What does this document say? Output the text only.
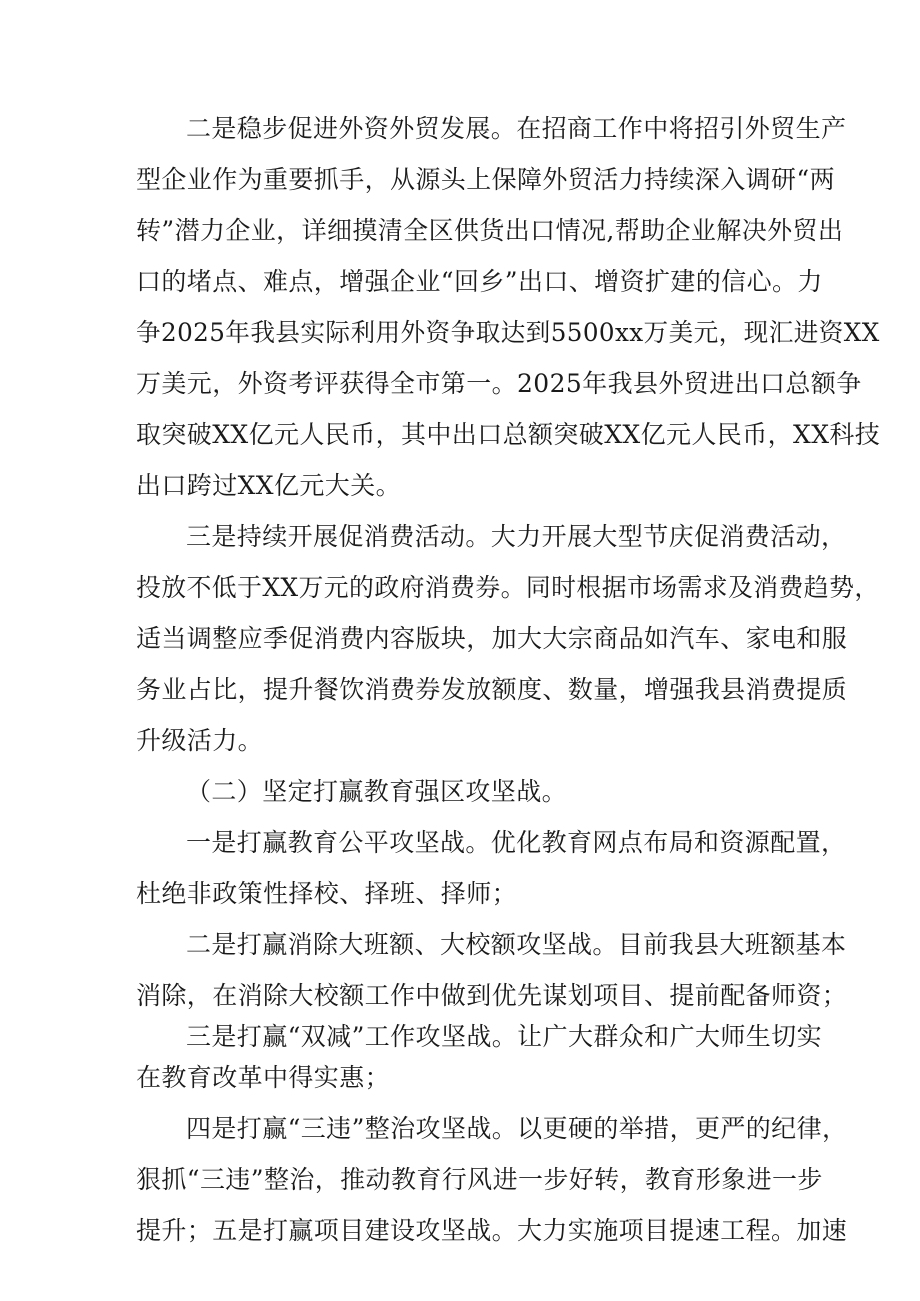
二是稳步促进外资外贸发展。在招商工作中将招引外贸生产
型企业作为重要抓手，从源头上保障外贸活力持续深入调研“两
转”潜力企业，详细摸清全区供货出口情况,帮助企业解决外贸出
口的堵点、难点，增强企业“回乡”出口、增资扩建的信心。力
争2025年我县实际利用外资争取达到5500xx万美元，现汇进资XX
万美元，外资考评获得全市第一。2025年我县外贸进出口总额争
取突破XX亿元人民币，其中出口总额突破XX亿元人民币，XX科技
出口跨过XX亿元大关。
三是持续开展促消费活动。大力开展大型节庆促消费活动，
投放不低于XX万元的政府消费券。同时根据市场需求及消费趋势，
适当调整应季促消费内容版块，加大大宗商品如汽车、家电和服
务业占比，提升餐饮消费券发放额度、数量，增强我县消费提质
升级活力。
（二）坚定打赢教育强区攻坚战。
一是打赢教育公平攻坚战。优化教育网点布局和资源配置，
杜绝非政策性择校、择班、择师；
二是打赢消除大班额、大校额攻坚战。目前我县大班额基本
消除，在消除大校额工作中做到优先谋划项目、提前配备师资；
三是打赢“双减”工作攻坚战。让广大群众和广大师生切实
在教育改革中得实惠；
四是打赢“三违”整治攻坚战。以更硬的举措，更严的纪律，
狠抓“三违”整治，推动教育行风进一步好转，教育形象进一步
提升；五是打赢项目建设攻坚战。大力实施项目提速工程。加速
